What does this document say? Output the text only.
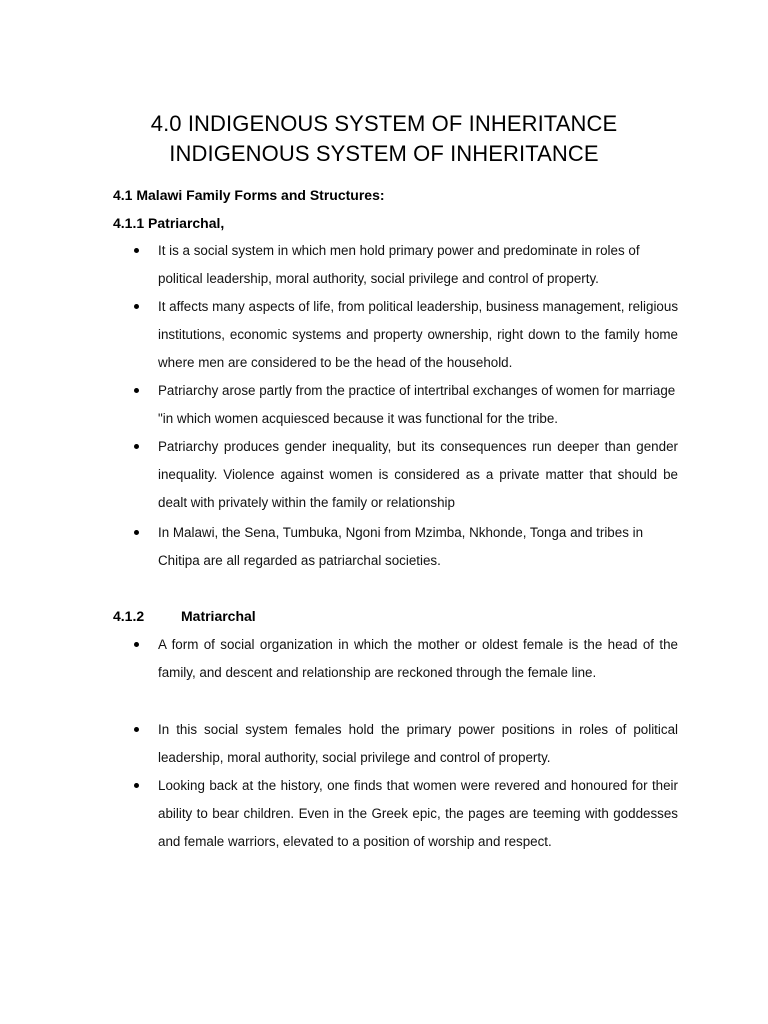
4.0 INDIGENOUS SYSTEM OF INHERITANCE
INDIGENOUS SYSTEM OF INHERITANCE
4.1 Malawi Family Forms and Structures:
4.1.1 Patriarchal,

It is a social system in which men hold primary power and predominate in roles of political leadership, moral authority, social privilege and control of property.

It affects many aspects of life, from political leadership, business management, religious institutions, economic systems and property ownership, right down to the family home where men are considered to be the head of the household.

Patriarchy arose partly from the practice of intertribal exchanges of women for marriage "in which women acquiesced because it was functional for the tribe.

Patriarchy produces gender inequality, but its consequences run deeper than gender inequality. Violence against women is considered as a private matter that should be dealt with privately within the family or relationship

In Malawi, the Sena, Tumbuka, Ngoni from Mzimba, Nkhonde, Tonga and tribes in Chitipa are all regarded as patriarchal societies.

4.1.2	Matriarchal

A form of social organization in which the mother or oldest female is the head of the family, and descent and relationship are reckoned through the female line.

In this social system females hold the primary power positions in roles of political leadership, moral authority, social privilege and control of property.

Looking back at the history, one finds that women were revered and honoured for their ability to bear children. Even in the Greek epic, the pages are teeming with goddesses and female warriors, elevated to a position of worship and respect.
